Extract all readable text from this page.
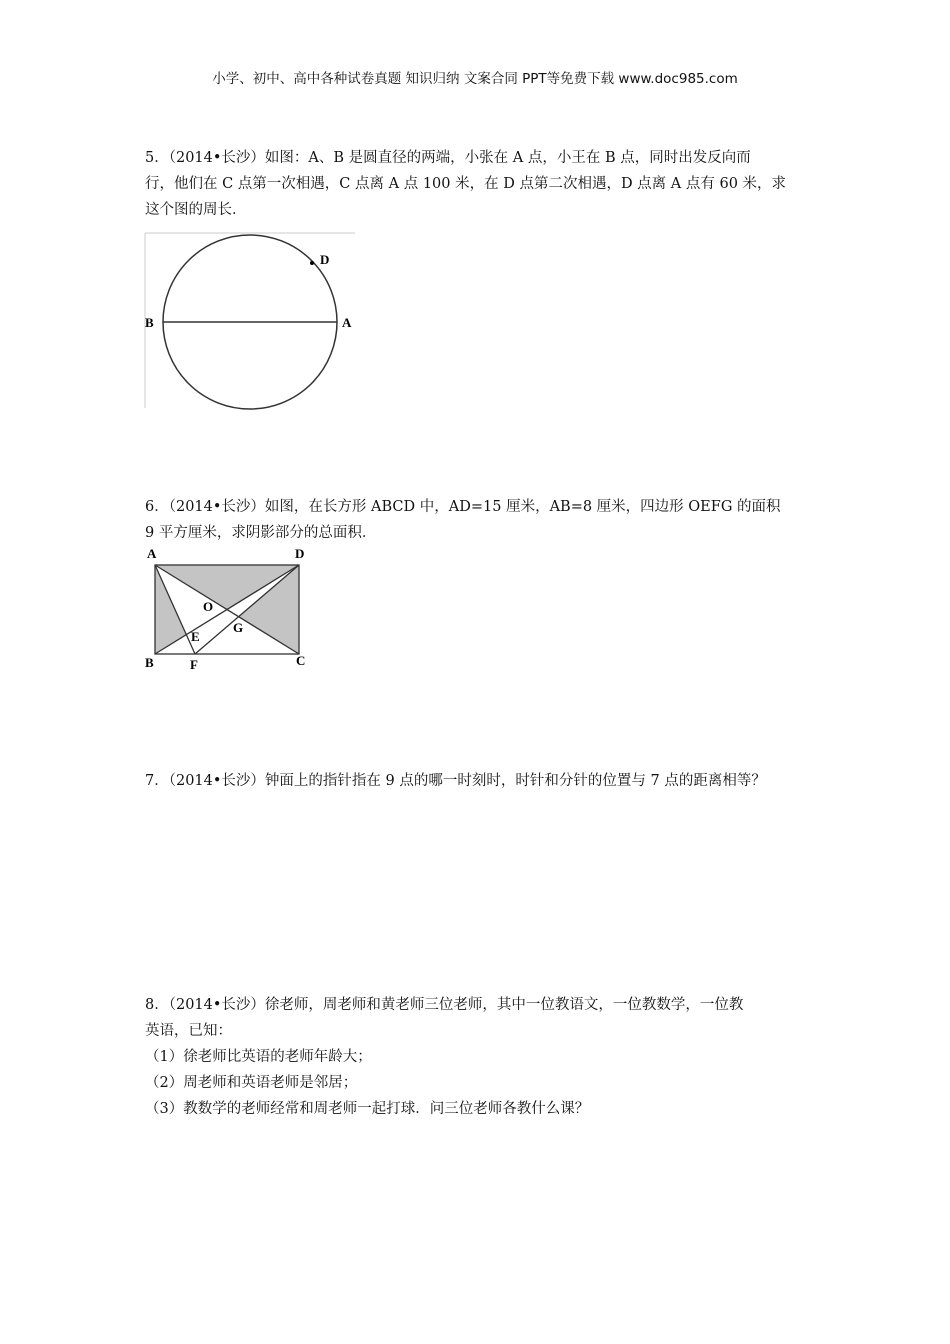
小学、初中、高中各种试卷真题 知识归纳 文案合同 PPT等免费下载 www.doc985.com
5．（2014•长沙）如图：A、B 是圆直径的两端，小张在 A 点，小王在 B 点，同时出发反向而
行，他们在 C 点第一次相遇，C 点离 A 点 100 米，在 D 点第二次相遇，D 点离 A 点有 60 米，求
这个图的周长．
B	A
D
6．（2014•长沙）如图，在长方形 ABCD 中，AD=15 厘米，AB=8 厘米，四边形 OEFG 的面积
9 平方厘米，求阴影部分的总面积．
A	D
B	C
F
O
E
G
7．（2014•长沙）钟面上的指针指在 9 点的哪一时刻时，时针和分针的位置与 7 点的距离相等？
8．（2014•长沙）徐老师，周老师和黄老师三位老师，其中一位教语文，一位教数学，一位教
英语，已知：
（1）徐老师比英语的老师年龄大；
（2）周老师和英语老师是邻居；
（3）教数学的老师经常和周老师一起打球．问三位老师各教什么课？
